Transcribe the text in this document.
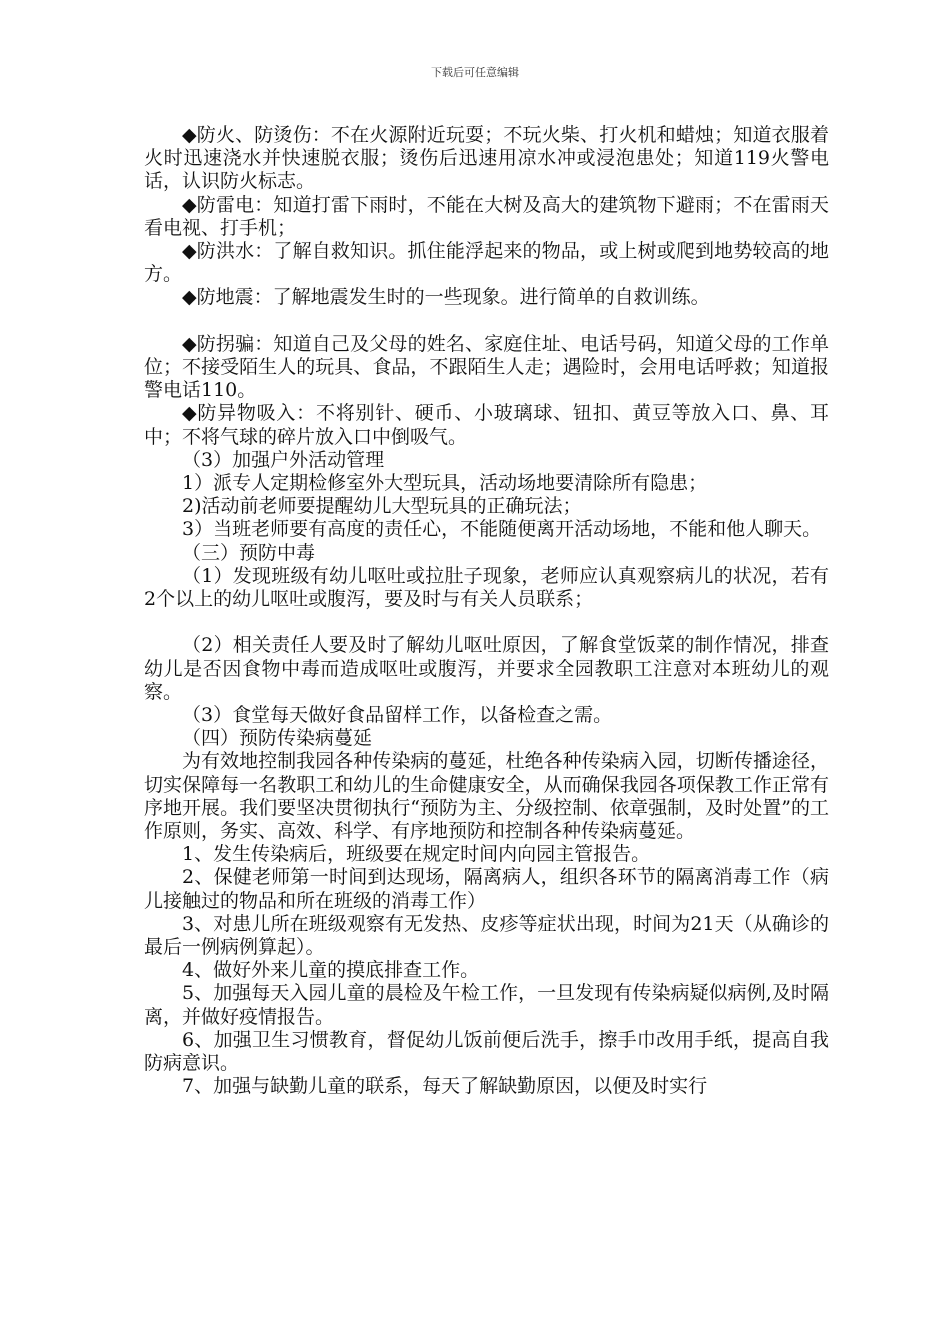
下载后可任意编辑

◆防火、防烫伤：不在火源附近玩耍；不玩火柴、打火机和蜡烛；知道衣服着火时迅速浇水并快速脱衣服；烫伤后迅速用凉水冲或浸泡患处；知道119火警电话，认识防火标志。

◆防雷电：知道打雷下雨时，不能在大树及高大的建筑物下避雨；不在雷雨天看电视、打手机；

◆防洪水：了解自救知识。抓住能浮起来的物品，或上树或爬到地势较高的地方。

◆防地震：了解地震发生时的一些现象。进行简单的自救训练。

◆防拐骗：知道自己及父母的姓名、家庭住址、电话号码，知道父母的工作单位；不接受陌生人的玩具、食品，不跟陌生人走；遇险时，会用电话呼救；知道报警电话110。

◆防异物吸入：不将别针、硬币、小玻璃球、钮扣、黄豆等放入口、鼻、耳中；不将气球的碎片放入口中倒吸气。

（3）加强户外活动管理

1）派专人定期检修室外大型玩具，活动场地要清除所有隐患；

2)活动前老师要提醒幼儿大型玩具的正确玩法；

3）当班老师要有高度的责任心，不能随便离开活动场地，不能和他人聊天。

（三）预防中毒

（1）发现班级有幼儿呕吐或拉肚子现象，老师应认真观察病儿的状况，若有2个以上的幼儿呕吐或腹泻，要及时与有关人员联系；

（2）相关责任人要及时了解幼儿呕吐原因，了解食堂饭菜的制作情况，排查幼儿是否因食物中毒而造成呕吐或腹泻，并要求全园教职工注意对本班幼儿的观察。

（3）食堂每天做好食品留样工作，以备检查之需。

（四）预防传染病蔓延

为有效地控制我园各种传染病的蔓延，杜绝各种传染病入园，切断传播途径，切实保障每一名教职工和幼儿的生命健康安全，从而确保我园各项保教工作正常有序地开展。我们要坚决贯彻执行“预防为主、分级控制、依章强制，及时处置”的工作原则，务实、高效、科学、有序地预防和控制各种传染病蔓延。

1、发生传染病后，班级要在规定时间内向园主管报告。

2、保健老师第一时间到达现场，隔离病人，组织各环节的隔离消毒工作（病儿接触过的物品和所在班级的消毒工作）

3、对患儿所在班级观察有无发热、皮疹等症状出现，时间为21天（从确诊的最后一例病例算起）。

4、做好外来儿童的摸底排查工作。

5、加强每天入园儿童的晨检及午检工作，一旦发现有传染病疑似病例,及时隔离，并做好疫情报告。

6、加强卫生习惯教育，督促幼儿饭前便后洗手，擦手巾改用手纸，提高自我防病意识。

7、加强与缺勤儿童的联系，每天了解缺勤原因，以便及时实行
